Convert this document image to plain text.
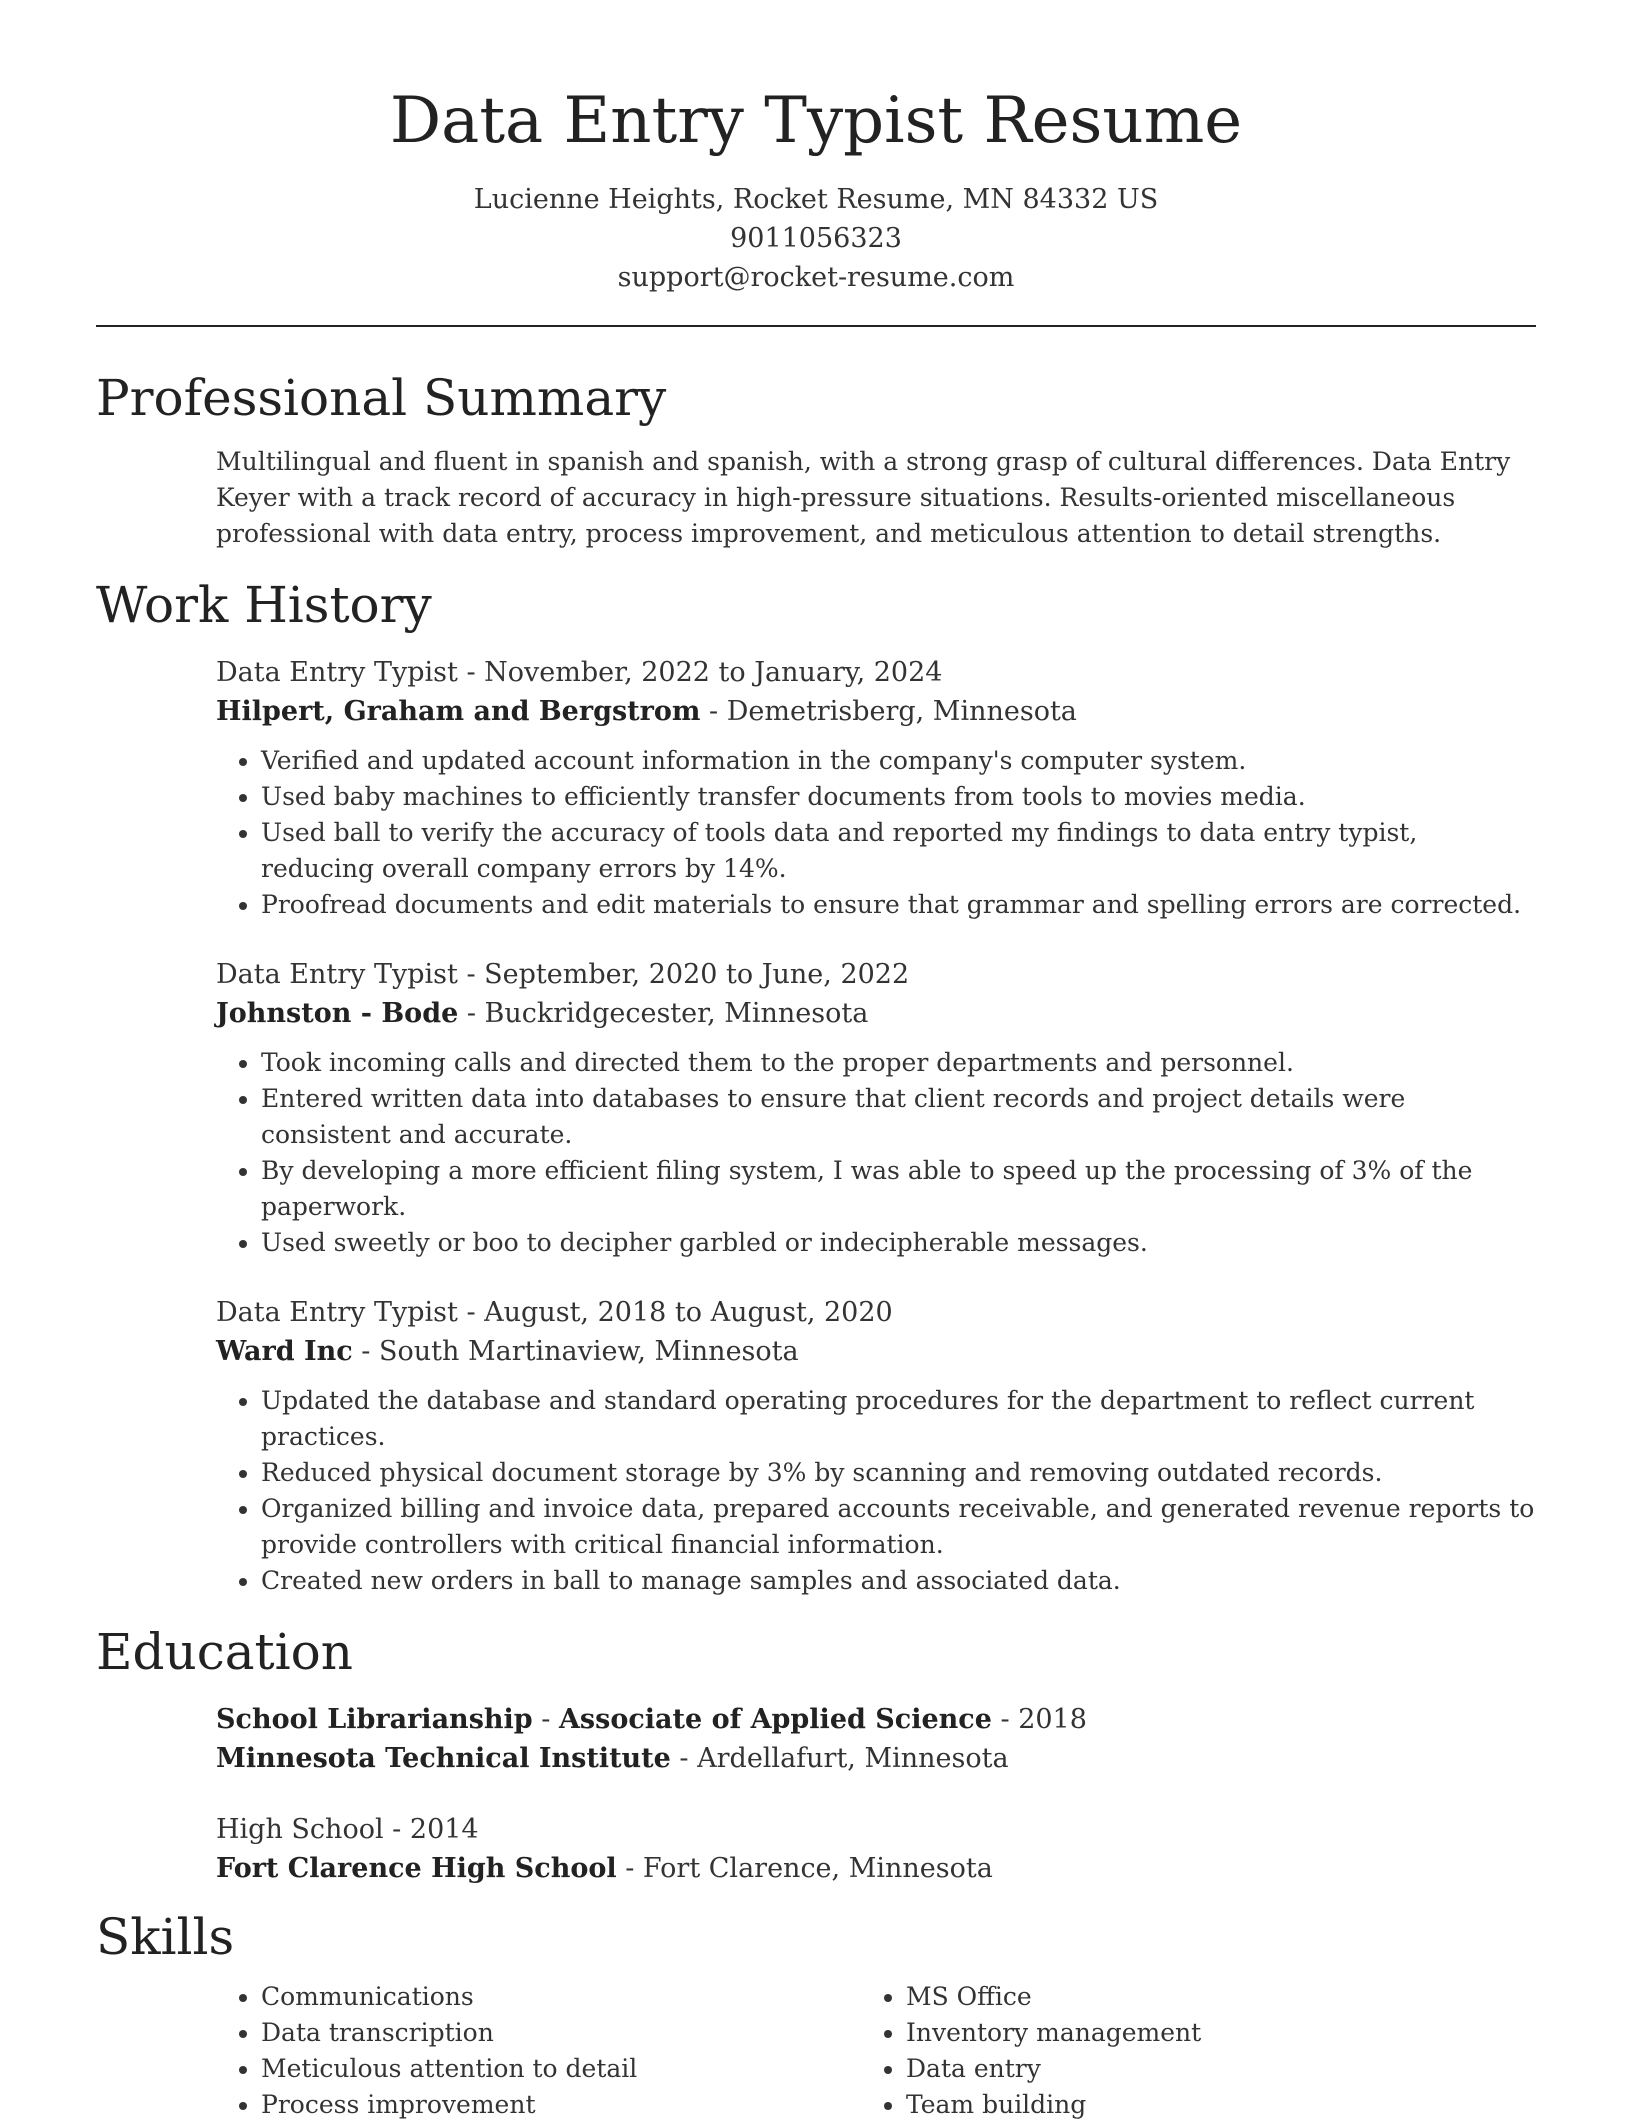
Data Entry Typist Resume
Lucienne Heights, Rocket Resume, MN 84332 US
9011056323
support@rocket-resume.com
Professional Summary
Multilingual and fluent in spanish and spanish, with a strong grasp of cultural differences. Data Entry Keyer with a track record of accuracy in high-pressure situations. Results-oriented miscellaneous professional with data entry, process improvement, and meticulous attention to detail strengths.
Work History
Data Entry Typist - November, 2022 to January, 2024
Hilpert, Graham and Bergstrom - Demetrisberg, Minnesota
• Verified and updated account information in the company's computer system.
• Used baby machines to efficiently transfer documents from tools to movies media.
• Used ball to verify the accuracy of tools data and reported my findings to data entry typist, reducing overall company errors by 14%.
• Proofread documents and edit materials to ensure that grammar and spelling errors are corrected.
Data Entry Typist - September, 2020 to June, 2022
Johnston - Bode - Buckridgecester, Minnesota
• Took incoming calls and directed them to the proper departments and personnel.
• Entered written data into databases to ensure that client records and project details were consistent and accurate.
• By developing a more efficient filing system, I was able to speed up the processing of 3% of the paperwork.
• Used sweetly or boo to decipher garbled or indecipherable messages.
Data Entry Typist - August, 2018 to August, 2020
Ward Inc - South Martinaview, Minnesota
• Updated the database and standard operating procedures for the department to reflect current practices.
• Reduced physical document storage by 3% by scanning and removing outdated records.
• Organized billing and invoice data, prepared accounts receivable, and generated revenue reports to provide controllers with critical financial information.
• Created new orders in ball to manage samples and associated data.
Education
School Librarianship - Associate of Applied Science - 2018
Minnesota Technical Institute - Ardellafurt, Minnesota
High School - 2014
Fort Clarence High School - Fort Clarence, Minnesota
Skills
• Communications
• Data transcription
• Meticulous attention to detail
• Process improvement
• MS Office
• Inventory management
• Data entry
• Team building
